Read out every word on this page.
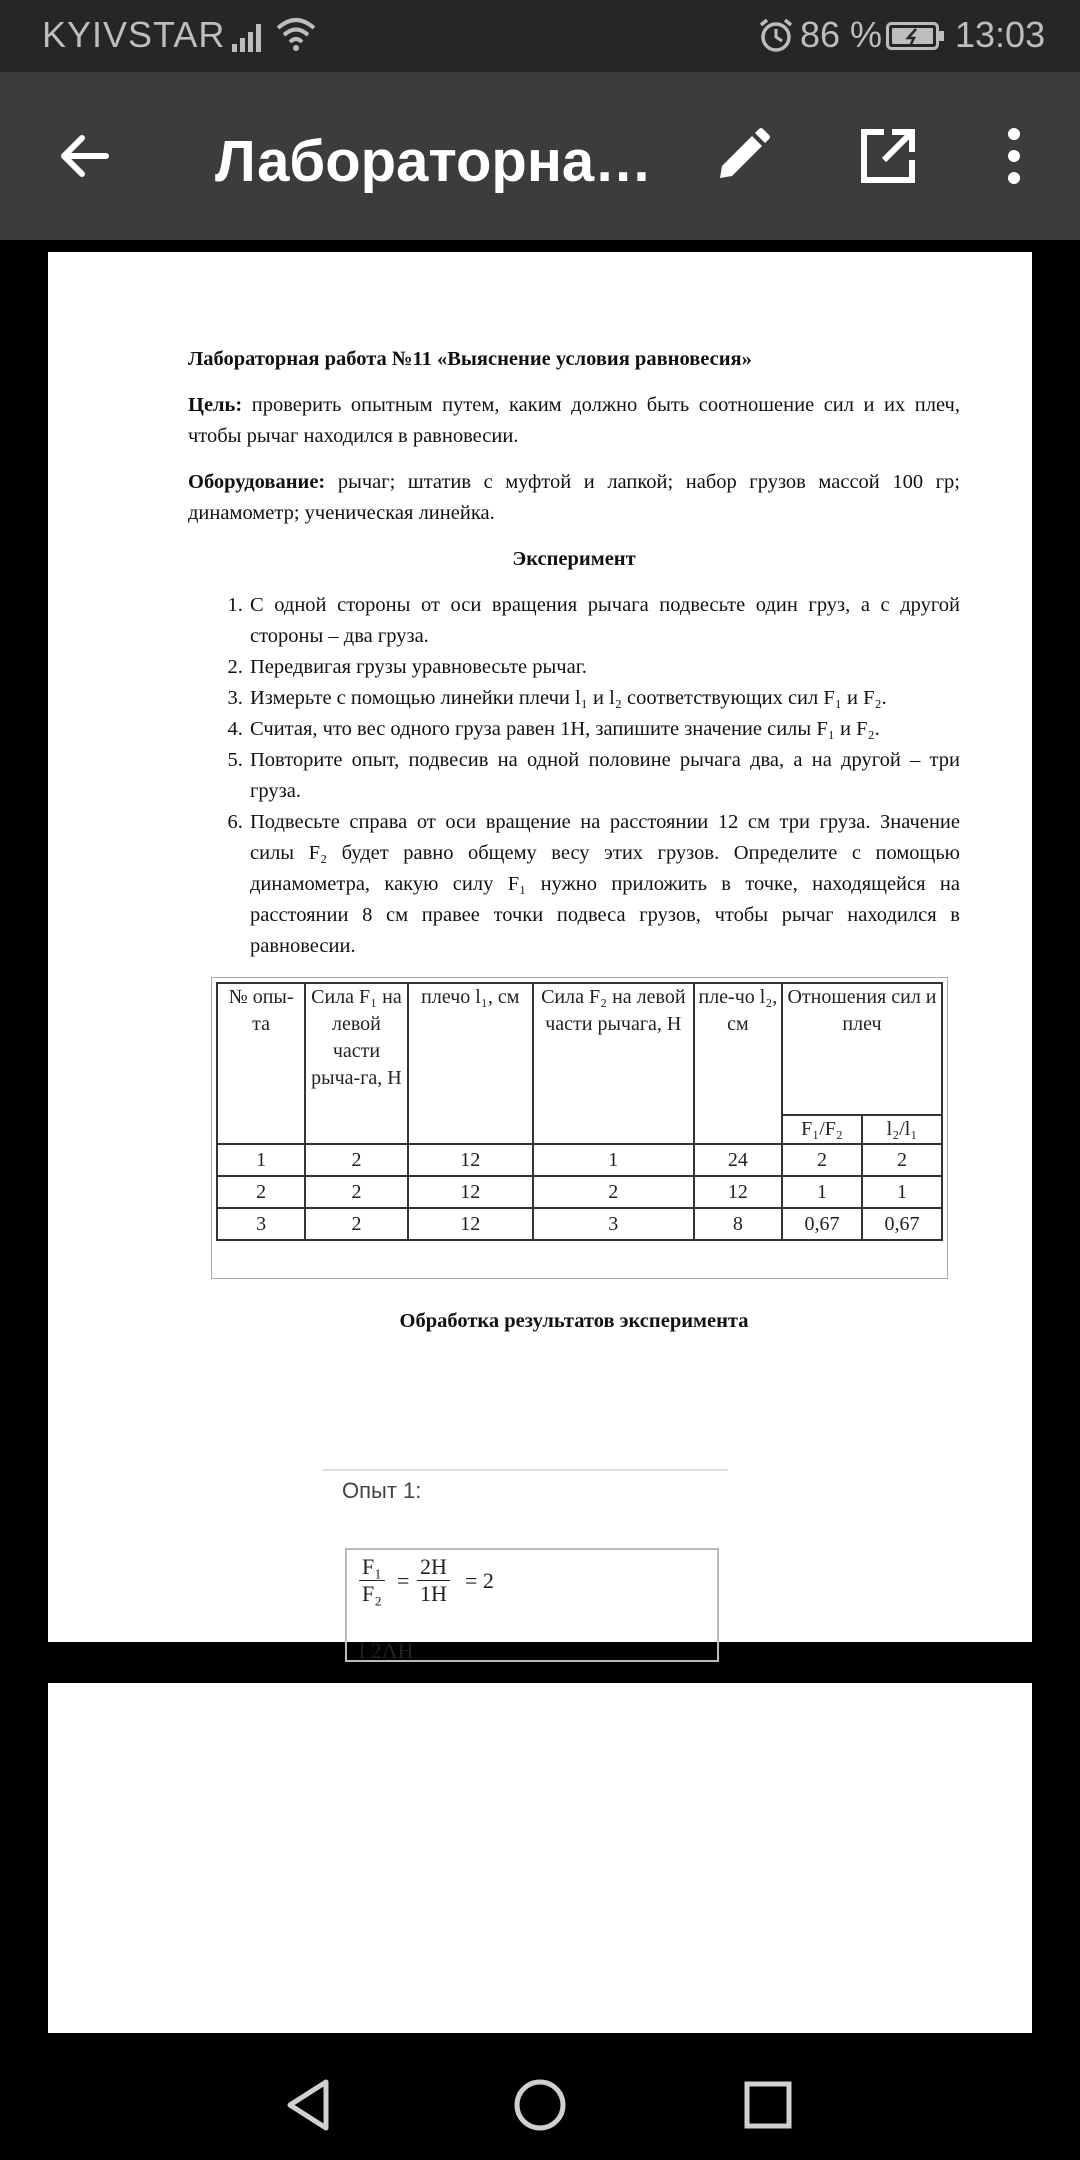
KYIVSTAR	86 % 13:03
Лабораторна…

Лабораторная работа №11 «Выяснение условия равновесия»

Цель: проверить опытным путем, каким должно быть соотношение сил и их плеч, чтобы рычаг находился в равновесии.

Оборудование: рычаг; штатив с муфтой и лапкой; набор грузов массой 100 гр; динамометр; ученическая линейка.

Эксперимент

1. С одной стороны от оси вращения рычага подвесьте один груз, а с другой стороны – два груза.
2. Передвигая грузы уравновесьте рычаг.
3. Измерьте с помощью линейки плечи l₁ и l₂ соответствующих сил F₁ и F₂.
4. Считая, что вес одного груза равен 1Н, запишите значение силы F₁ и F₂.
5. Повторите опыт, подвесив на одной половине рычага два, а на другой – три груза.
6. Подвесьте справа от оси вращение на расстоянии 12 см три груза. Значение силы F₂ будет равно общему весу этих грузов. Определите с помощью динамометра, какую силу F₁ нужно приложить в точке, находящейся на расстоянии 8 см правее точки подвеса грузов, чтобы рычаг находился в равновесии.
№ опы-та	Сила F₁ на левой части рыча-га, Н	плечо l₁, см	Сила F₂ на левой части рычага, Н	пле-чо l₂, см	Отношения сил и плеч	
					F₁/F₂	l₂/l₁
1	2	12	1	24	2	2
2	2	12	2	12	1	1
3	2	12	3	8	0,67	0,67
Обработка результатов эксперимента
Опыт 1:
$\frac{\text{F₁}}{\text{F₂}}$ =
2Н
1Н
= 2
l 2ΛН
